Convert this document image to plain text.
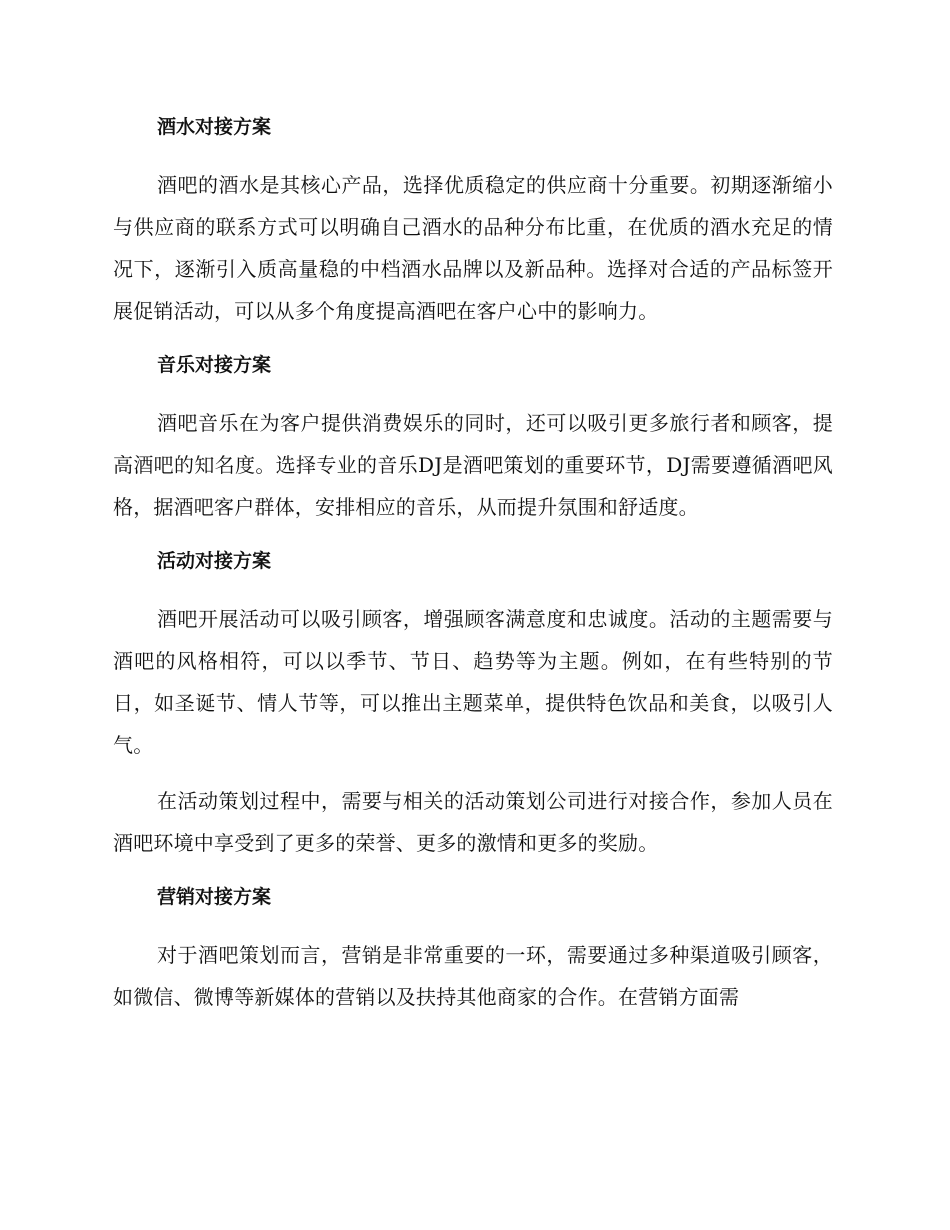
酒水对接方案

酒吧的酒水是其核心产品，选择优质稳定的供应商十分重要。初期逐渐缩小与供应商的联系方式可以明确自己酒水的品种分布比重，在优质的酒水充足的情况下，逐渐引入质高量稳的中档酒水品牌以及新品种。选择对合适的产品标签开展促销活动，可以从多个角度提高酒吧在客户心中的影响力。

音乐对接方案

酒吧音乐在为客户提供消费娱乐的同时，还可以吸引更多旅行者和顾客，提高酒吧的知名度。选择专业的音乐DJ是酒吧策划的重要环节，DJ需要遵循酒吧风格，据酒吧客户群体，安排相应的音乐，从而提升氛围和舒适度。

活动对接方案

酒吧开展活动可以吸引顾客，增强顾客满意度和忠诚度。活动的主题需要与酒吧的风格相符，可以以季节、节日、趋势等为主题。例如，在有些特别的节日，如圣诞节、情人节等，可以推出主题菜单，提供特色饮品和美食，以吸引人气。

在活动策划过程中，需要与相关的活动策划公司进行对接合作，参加人员在酒吧环境中享受到了更多的荣誉、更多的激情和更多的奖励。

营销对接方案

对于酒吧策划而言，营销是非常重要的一环，需要通过多种渠道吸引顾客，如微信、微博等新媒体的营销以及扶持其他商家的合作。在营销方面需
